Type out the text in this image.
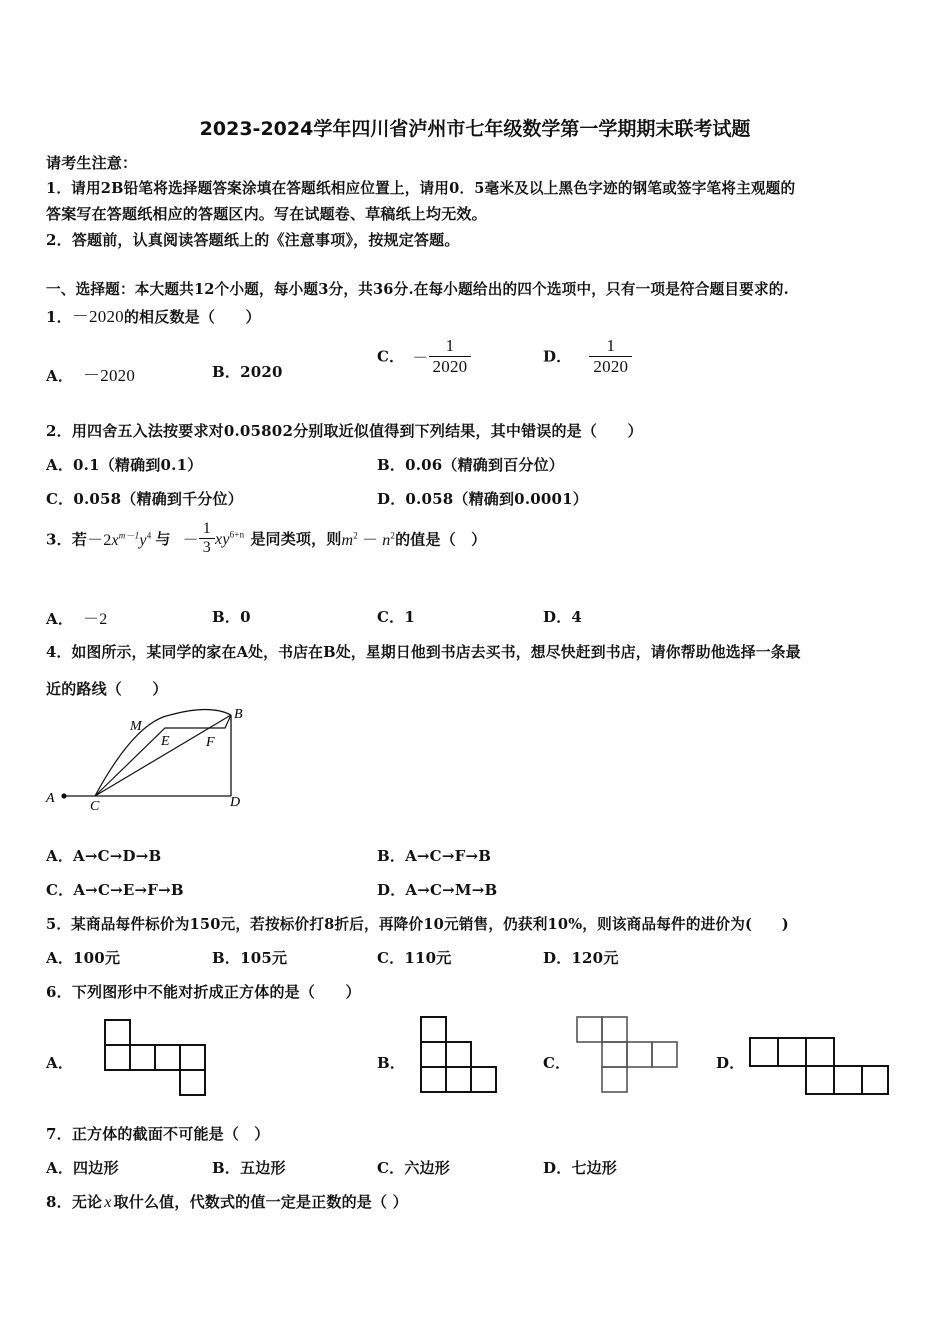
2023-2024学年四川省泸州市七年级数学第一学期期末联考试题
请考生注意：
1．请用2B铅笔将选择题答案涂填在答题纸相应位置上，请用0．5毫米及以上黑色字迹的钢笔或签字笔将主观题的
答案写在答题纸相应的答题区内。写在试题卷、草稿纸上均无效。
2．答题前，认真阅读答题纸上的《注意事项》，按规定答题。
一、选择题：本大题共12个小题，每小题3分，共36分.在每小题给出的四个选项中，只有一项是符合题目要求的.
1．－2020的相反数是（　　）
A． －2020	B．2020
C． － $\frac{1}{2020}$	D． $\frac{1}{2020}$
2．用四舍五入法按要求对0.05802分别取近似值得到下列结果，其中错误的是（　　）
A．0.1（精确到0.1）	B．0.06（精确到百分位）
C．0.058（精确到千分位）	D．0.058（精确到0.0001）
3．若$-2x^{m-1}y^4$ 与 － $\frac{1}{3} xy^{6+n}$ 是同类项，则$m^2 - n^2$的值是（　）
A． －2	B．0	C．1	D．4
4．如图所示，某同学的家在A处，书店在B处，星期日他到书店去买书，想尽快赶到书店，请你帮助他选择一条最
近的路线（　　）
A
B
C	D
E	F
M
A．A→C→D→B	B．A→C→F→B
C．A→C→E→F→B	D．A→C→M→B
5．某商品每件标价为150元，若按标价打8折后，再降价10元销售，仍获利10%，则该商品每件的进价为(　　)
A．100元	B．105元	C．110元	D．120元
6．下列图形中不能对折成正方体的是（　　）
A．	B．	C．	D．
7．正方体的截面不可能是（　）
A．四边形	B．五边形	C．六边形	D．七边形
8．无论 x 取什么值，代数式的值一定是正数的是（ ）
